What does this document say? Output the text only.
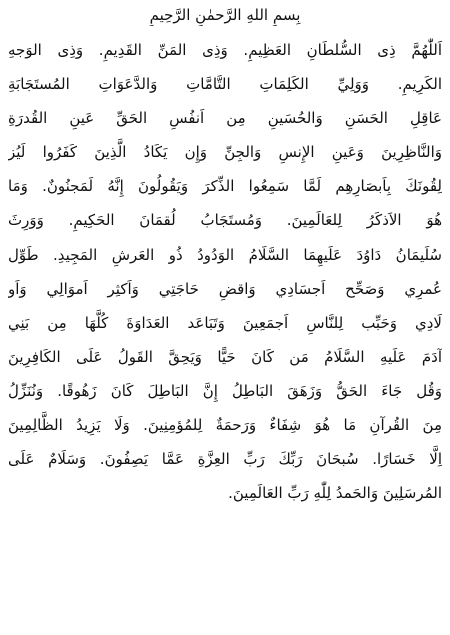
بِسمِ اللهِ الرَّحمٰنِ الرَّحِيمِ
اَللّٰهُمَّ ذِى السُّلطَانِ العَظِيمِ. وَذِى المَنِّ القَدِيمِ. وَذِى الوَجهِ
الكَرِيمِ. وَوَلِيِّ الكَلِمَاتِ التَّامَّاتِ وَالدَّعَوَاتِ المُستَجَابَةِ
عَاقِلِ الحَسَنِ وَالحُسَينِ مِن اَنفُسِ الحَقِّ عَينِ القُدرَةِ
وَالنَّاظِرِينَ وَعَينِ الإِنسِ وَالجِنِّ وَإِن يَكَادُ الَّذِينَ كَفَرُوا لَيُز
لِقُونَكَ بِاَبصَارِهِم لَمَّا سَمِعُوا الذِّكرَ وَيَقُولُونَ إِنَّهُ لَمَجنُونٌ. وَمَا
هُوَ الاَذكَرُ لِلعَالَمِينَ. وَمُستَجَابُ لُقمَانَ الحَكِيمِ. وَوَرِثَ
سُلَيمَانُ دَاوُدَ عَلَيهِمَا السَّلَامُ الوَدُودُ ذُو العَرشِ المَجِيدِ. طَوِّل
عُمرِي وَصَحِّح اَجسَادِي وَاقضِ حَاجَتِي وَاَكثِر اَموَالِي وَاَو
لَادِي وَحَبِّب لِلنَّاسِ اَجمَعِينَ وَتَبَاعَد العَدَاوَةَ كُلَّهَا مِن بَنِي
آدَمَ عَلَيهِ السَّلَامُ مَن كَانَ حَيًّا وَيَحِقَّ القَولُ عَلَى الكَافِرِينَ
وَقُل جَاءَ الحَقُّ وَزَهَقَ البَاطِلُ إِنَّ البَاطِلَ كَانَ زَهُوقًا. وَنُنَزِّلُ
مِنَ القُرآنِ مَا هُوَ شِفَاءٌ وَرَحمَةٌ لِلمُؤمِنِينَ. وَلَا يَزِيدُ الظَّالِمِينَ
اِلَّا خَسَارًا. سُبحَانَ رَبِّكَ رَبِّ العِزَّةِ عَمَّا يَصِفُونَ. وَسَلَامٌ عَلَى
المُرسَلِينَ وَالحَمدُ لِلّٰهِ رَبِّ العَالَمِينَ.
